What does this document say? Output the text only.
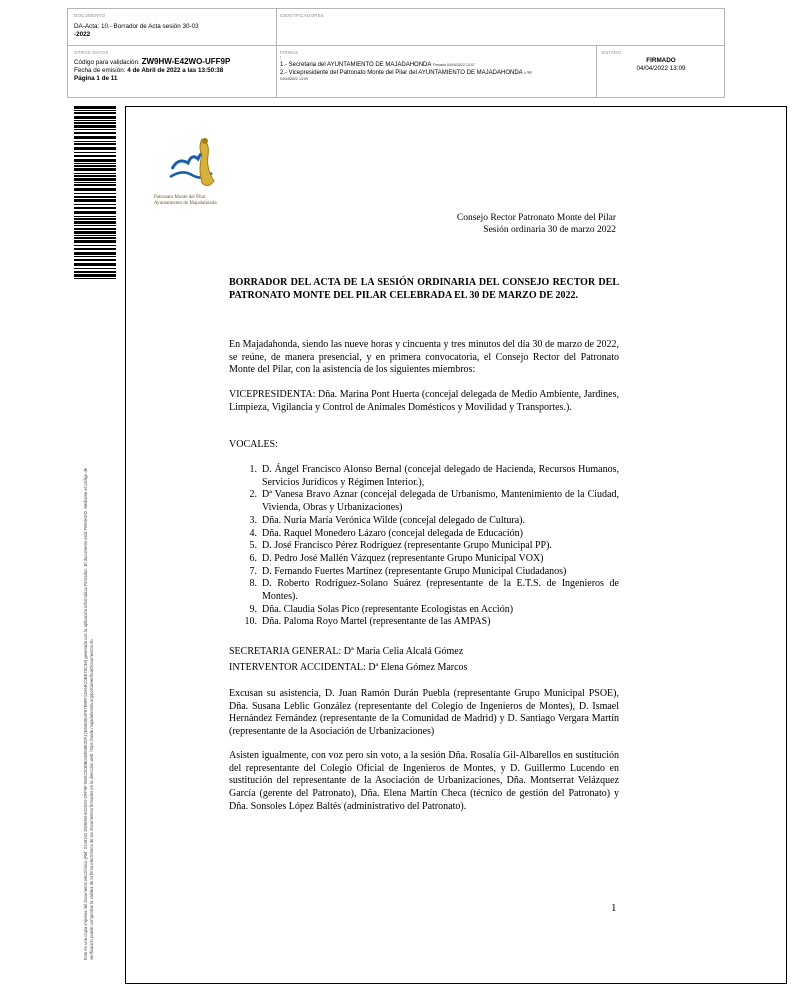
DOCUMENTO
DA-Acta: 10.- Borrador de Acta sesión 30-03
-2022
IDENTIFICADORES
OTROS DATOS
Código para validación: ZW9HW-E42WO-UFF9P
Fecha de emisión: 4 de Abril de 2022 a las 13:50:38
Página 1 de 11
FIRMAS
:
1.- Secretaria del AYUNTAMIENTO DE MAJADAHONDA Firmado 04/04/2022 13:07
2.- Vicepresidente del Patronato Monte del Pilar del AYUNTAMIENTO DE MAJADAHONDA V.ºBº
04/04/2022 13:09
ESTADO
FIRMADO
04/04/2022 13:09
Este es una copia impresa del documento electrónico (Ref: 2149162 ZW9HW-E42WO-UFF9P 0681CE38B01BF09E20F17E94E0E4F87E9FF13A6EC0BE75C39) generada con la aplicación informática Firmadoc. El documento está FIRMADO. Mediante el código de verificación puede comprobar la validez de la firma electrónica de los documentos firmados en la dirección web: https://sede.majadahonda.org/portal/verificarDocumentos.do
Patronato Monte del Pilar
Ayuntamiento de Majadahonda
Consejo Rector Patronato Monte del Pilar
Sesión ordinaria 30 de marzo 2022
BORRADOR DEL ACTA DE LA SESIÓN ORDINARIA DEL CONSEJO RECTOR DEL PATRONATO MONTE DEL PILAR CELEBRADA EL 30 DE MARZO DE 2022.
En Majadahonda, siendo las nueve horas y cincuenta y tres minutos del día 30 de marzo de 2022, se reúne, de manera presencial, y en primera convocatoria, el Consejo Rector del Patronato Monte del Pilar, con la asistencia de los siguientes miembros:
VICEPRESIDENTA: Dña. Marina Pont Huerta (concejal delegada de Medio Ambiente, Jardines, Limpieza, Vigilancia y Control de Animales Domésticos y Movilidad y Transportes.).
VOCALES:
1. D. Ángel Francisco Alonso Bernal (concejal delegado de Hacienda, Recursos Humanos, Servicios Jurídicos y Régimen Interior.),
2. Dª Vanesa Bravo Aznar (concejal delegada de Urbanismo, Mantenimiento de la Ciudad, Vivienda, Obras y Urbanizaciones)
3. Dña. Nuria María Verónica Wilde (concejal delegado de Cultura).
4. Dña. Raquel Monedero Lázaro (concejal delegada de Educación)
5. D. José Francisco Pérez Rodríguez (representante Grupo Municipal PP).
6. D. Pedro José Mallén Vázquez (representante Grupo Municipal VOX)
7. D. Fernando Fuertes Martínez (representante Grupo Municipal Ciudadanos)
8. D. Roberto Rodríguez-Solano Suárez (representante de la E.T.S. de Ingenieros de Montes).
9. Dña. Claudia Solas Pico (representante Ecologistas en Acción)
10. Dña. Paloma Royo Martel (representante de las AMPAS)
SECRETARIA GENERAL: Dª María Celia Alcalá Gómez
INTERVENTOR ACCIDENTAL: Dª Elena Gómez Marcos
Excusan su asistencia, D. Juan Ramón Durán Puebla (representante Grupo Municipal PSOE), Dña. Susana Leblic González (representante del Colegio de Ingenieros de Montes), D. Ismael Hernández Fernández (representante de la Comunidad de Madrid) y D. Santiago Vergara Martín (representante de la Asociación de Urbanizaciones)
Asisten igualmente, con voz pero sin voto, a la sesión Dña. Rosalía Gil-Albarellos en sustitución del representante del Colegio Oficial de Ingenieros de Montes, y D. Guillermo Lucendo en sustitución del representante de la Asociación de Urbanizaciones, Dña. Montserrat Velázquez García (gerente del Patronato), Dña. Elena Martín Checa (técnico de gestión del Patronato) y Dña. Sonsoles López Baltés (administrativo del Patronato).
1
